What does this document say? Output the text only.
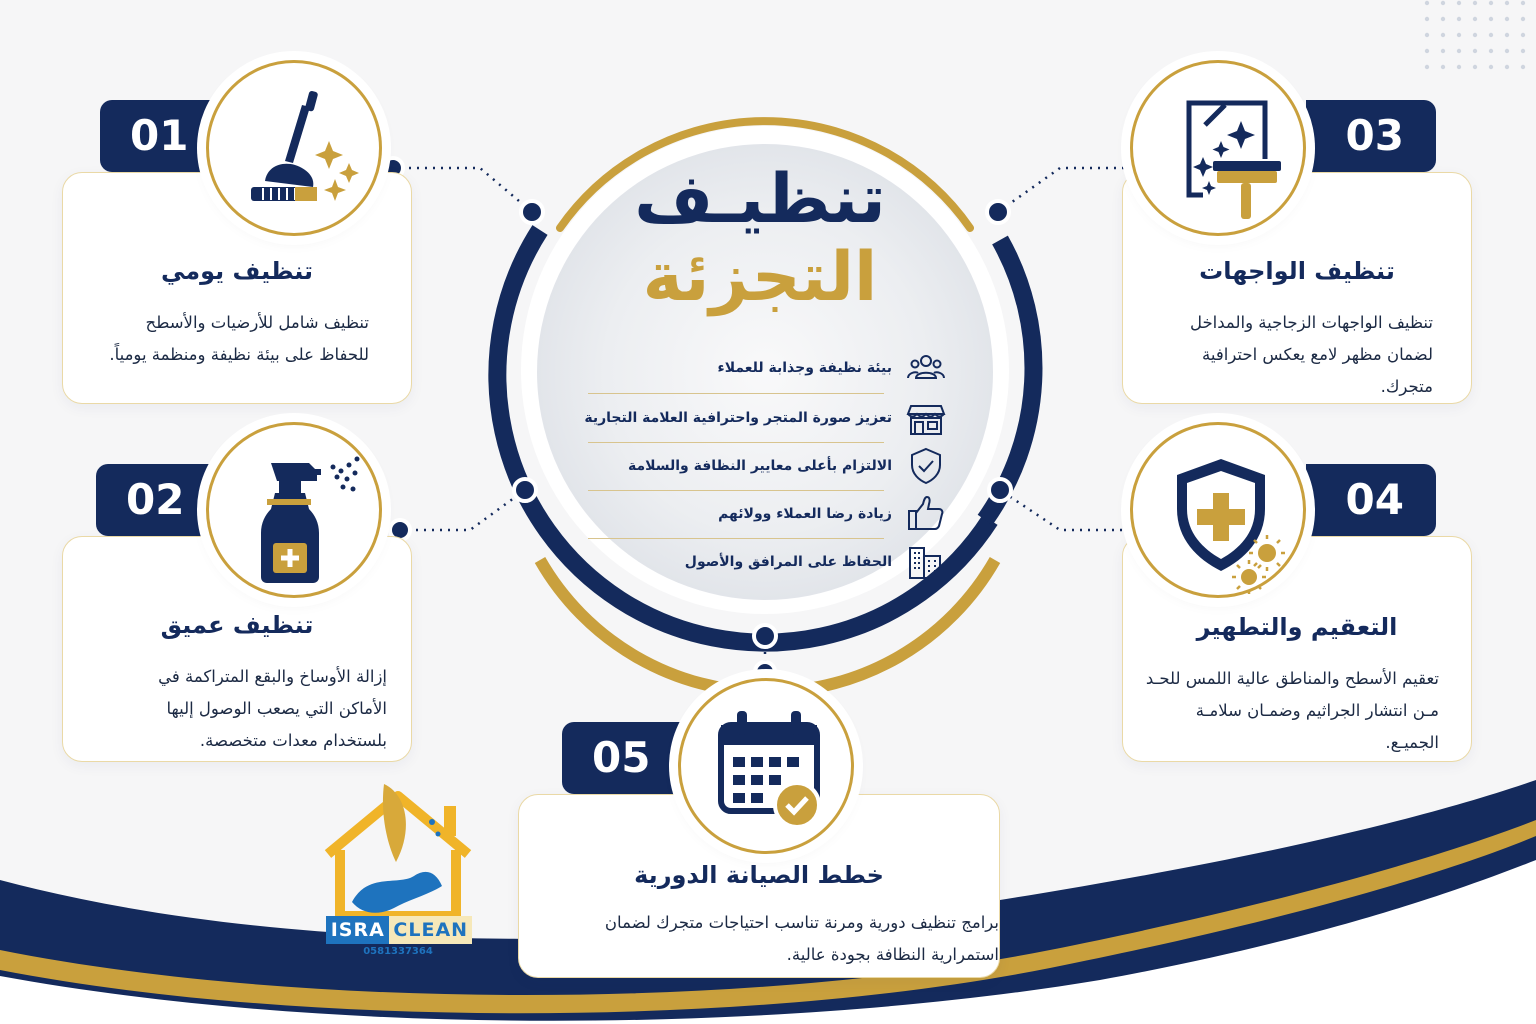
تنظيـف
التجزئة
بيئة نظيفة وجذابة للعملاء
تعزيز صورة المتجر واحترافية العلامة التجارية
الالتزام بأعلى معايير النظافة والسلامة
زيادة رضا العملاء وولائهم
الحفاظ على المرافق والأصول
تنظيف يومي
تنظيف شامل للأرضيات والأسطح للحفاظ على بيئة نظيفة ومنظمة يومياً.
01
تنظيف عميق
إزالة الأوساخ والبقع المتراكمة في الأماكن التي يصعب الوصول إليها بلستخدام معدات متخصصة.
02
تنظيف الواجهات
تنظيف الواجهات الزجاجية والمداخل لضمان مظهر لامع يعكس احترافية متجرك.
03
التعقيم والتطهير
تعقيم الأسطح والمناطق عالية اللمس للحـد مـن انتشار الجراثيم وضمـان سلامـة الجميـع.
04
خطط الصيانة الدورية
برامج تنظيف دورية ومرنة تناسب احتياجات متجرك لضمان استمرارية النظافة بجودة عالية.
05
ISRA CLEAN
0581337364
